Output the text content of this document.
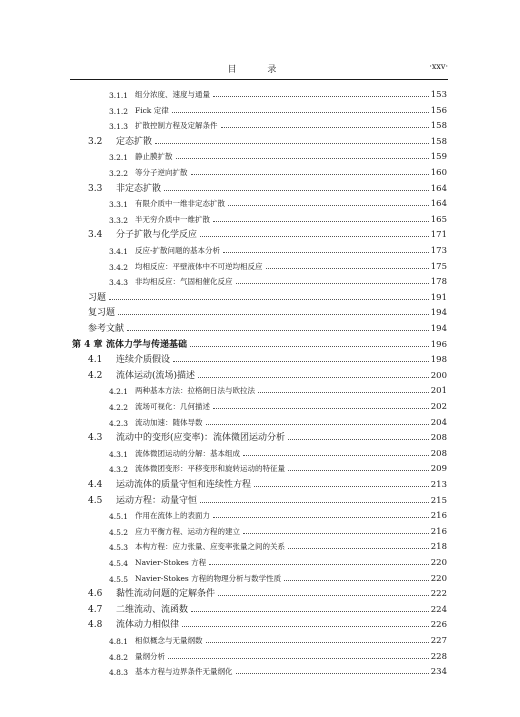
目 录	·xxv·
3.1.1 组分浓度、速度与通量	153
3.1.2 Fick 定律	156
3.1.3 扩散控制方程及定解条件	158
3.2	定态扩散	158
3.2.1 静止膜扩散	159
3.2.2 等分子逆向扩散	160
3.3	非定态扩散	164
3.3.1 有限介质中一维非定态扩散	164
3.3.2 半无穷介质中一维扩散	165
3.4	分子扩散与化学反应	171
3.4.1 反应-扩散问题的基本分析	173
3.4.2 均相反应：平壁液体中不可逆均相反应	175
3.4.3 非均相反应：气固相催化反应	178
习题	191
复习题	194
参考文献	194
第 4 章 流体力学与传递基础	196
4.1	连续介质假设	198
4.2	流体运动(流场)描述	200
4.2.1 两种基本方法：拉格朗日法与欧拉法	201
4.2.2 流场可视化：几何描述	202
4.2.3 流动加速：随体导数	204
4.3	流动中的变形(应变率)：流体微团运动分析	208
4.3.1 流体微团运动的分解：基本组成	208
4.3.2 流体微团变形：平移变形和旋转运动的特征量	209
4.4	运动流体的质量守恒和连续性方程	213
4.5	运动方程：动量守恒	215
4.5.1 作用在流体上的表面力	216
4.5.2 应力平衡方程、运动方程的建立	216
4.5.3 本构方程：应力张量、应变率张量之间的关系	218
4.5.4 Navier-Stokes 方程	220
4.5.5 Navier-Stokes 方程的物理分析与数学性质	220
4.6	黏性流动问题的定解条件	222
4.7	二维流动、流函数	224
4.8	流体动力相似律	226
4.8.1 相似概念与无量纲数	227
4.8.2 量纲分析	228
4.8.3 基本方程与边界条件无量纲化	234
